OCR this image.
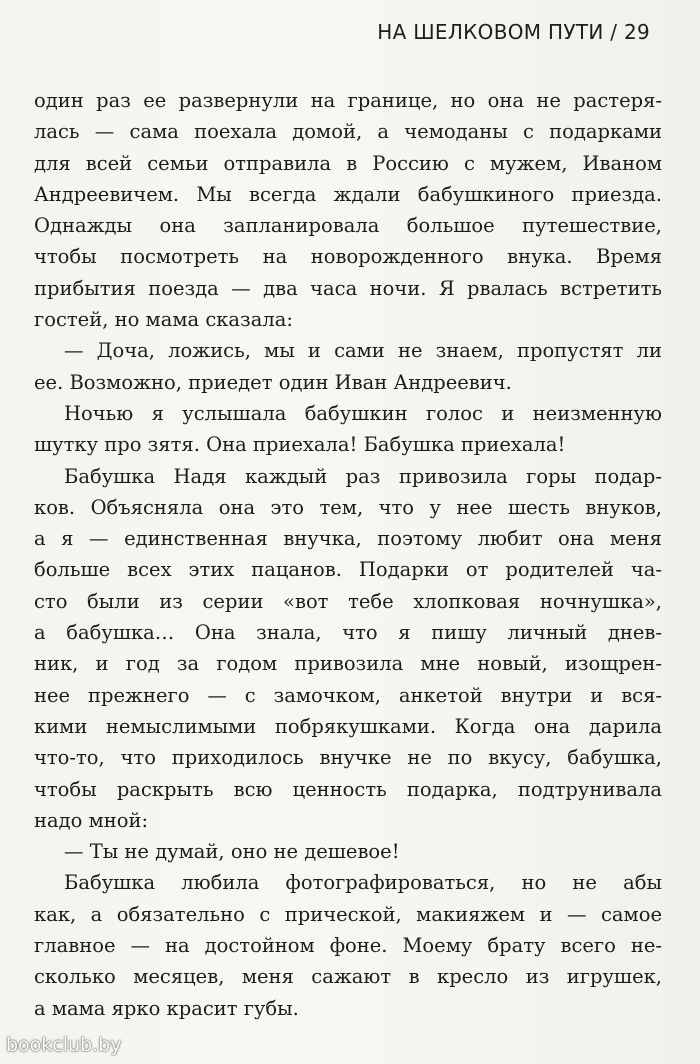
НА ШЕЛКОВОМ ПУТИ / 29
один раз ее развернули на границе, но она не растеря-
лась — сама поехала домой, а чемоданы с подарками
для всей семьи отправила в Россию с мужем, Иваном
Андреевичем. Мы всегда ждали бабушкиного приезда.
Однажды она запланировала большое путешествие,
чтобы посмотреть на новорожденного внука. Время
прибытия поезда — два часа ночи. Я рвалась встретить
гостей, но мама сказала:
— Доча, ложись, мы и сами не знаем, пропустят ли
ее. Возможно, приедет один Иван Андреевич.
Ночью я услышала бабушкин голос и неизменную
шутку про зятя. Она приехала! Бабушка приехала!
Бабушка Надя каждый раз привозила горы подар-
ков. Объясняла она это тем, что у нее шесть внуков,
а я — единственная внучка, поэтому любит она меня
больше всех этих пацанов. Подарки от родителей ча-
сто были из серии «вот тебе хлопковая ночнушка»,
а бабушка… Она знала, что я пишу личный днев-
ник, и год за годом привозила мне новый, изощрен-
нее прежнего — с замочком, анкетой внутри и вся-
кими немыслимыми побрякушками. Когда она дарила
что-то, что приходилось внучке не по вкусу, бабушка,
чтобы раскрыть всю ценность подарка, подтрунивала
надо мной:
— Ты не думай, оно не дешевое!
Бабушка любила фотографироваться, но не абы
как, а обязательно с прической, макияжем и — самое
главное — на достойном фоне. Моему брату всего не-
сколько месяцев, меня сажают в кресло из игрушек,
а мама ярко красит губы.
bookclub.by
